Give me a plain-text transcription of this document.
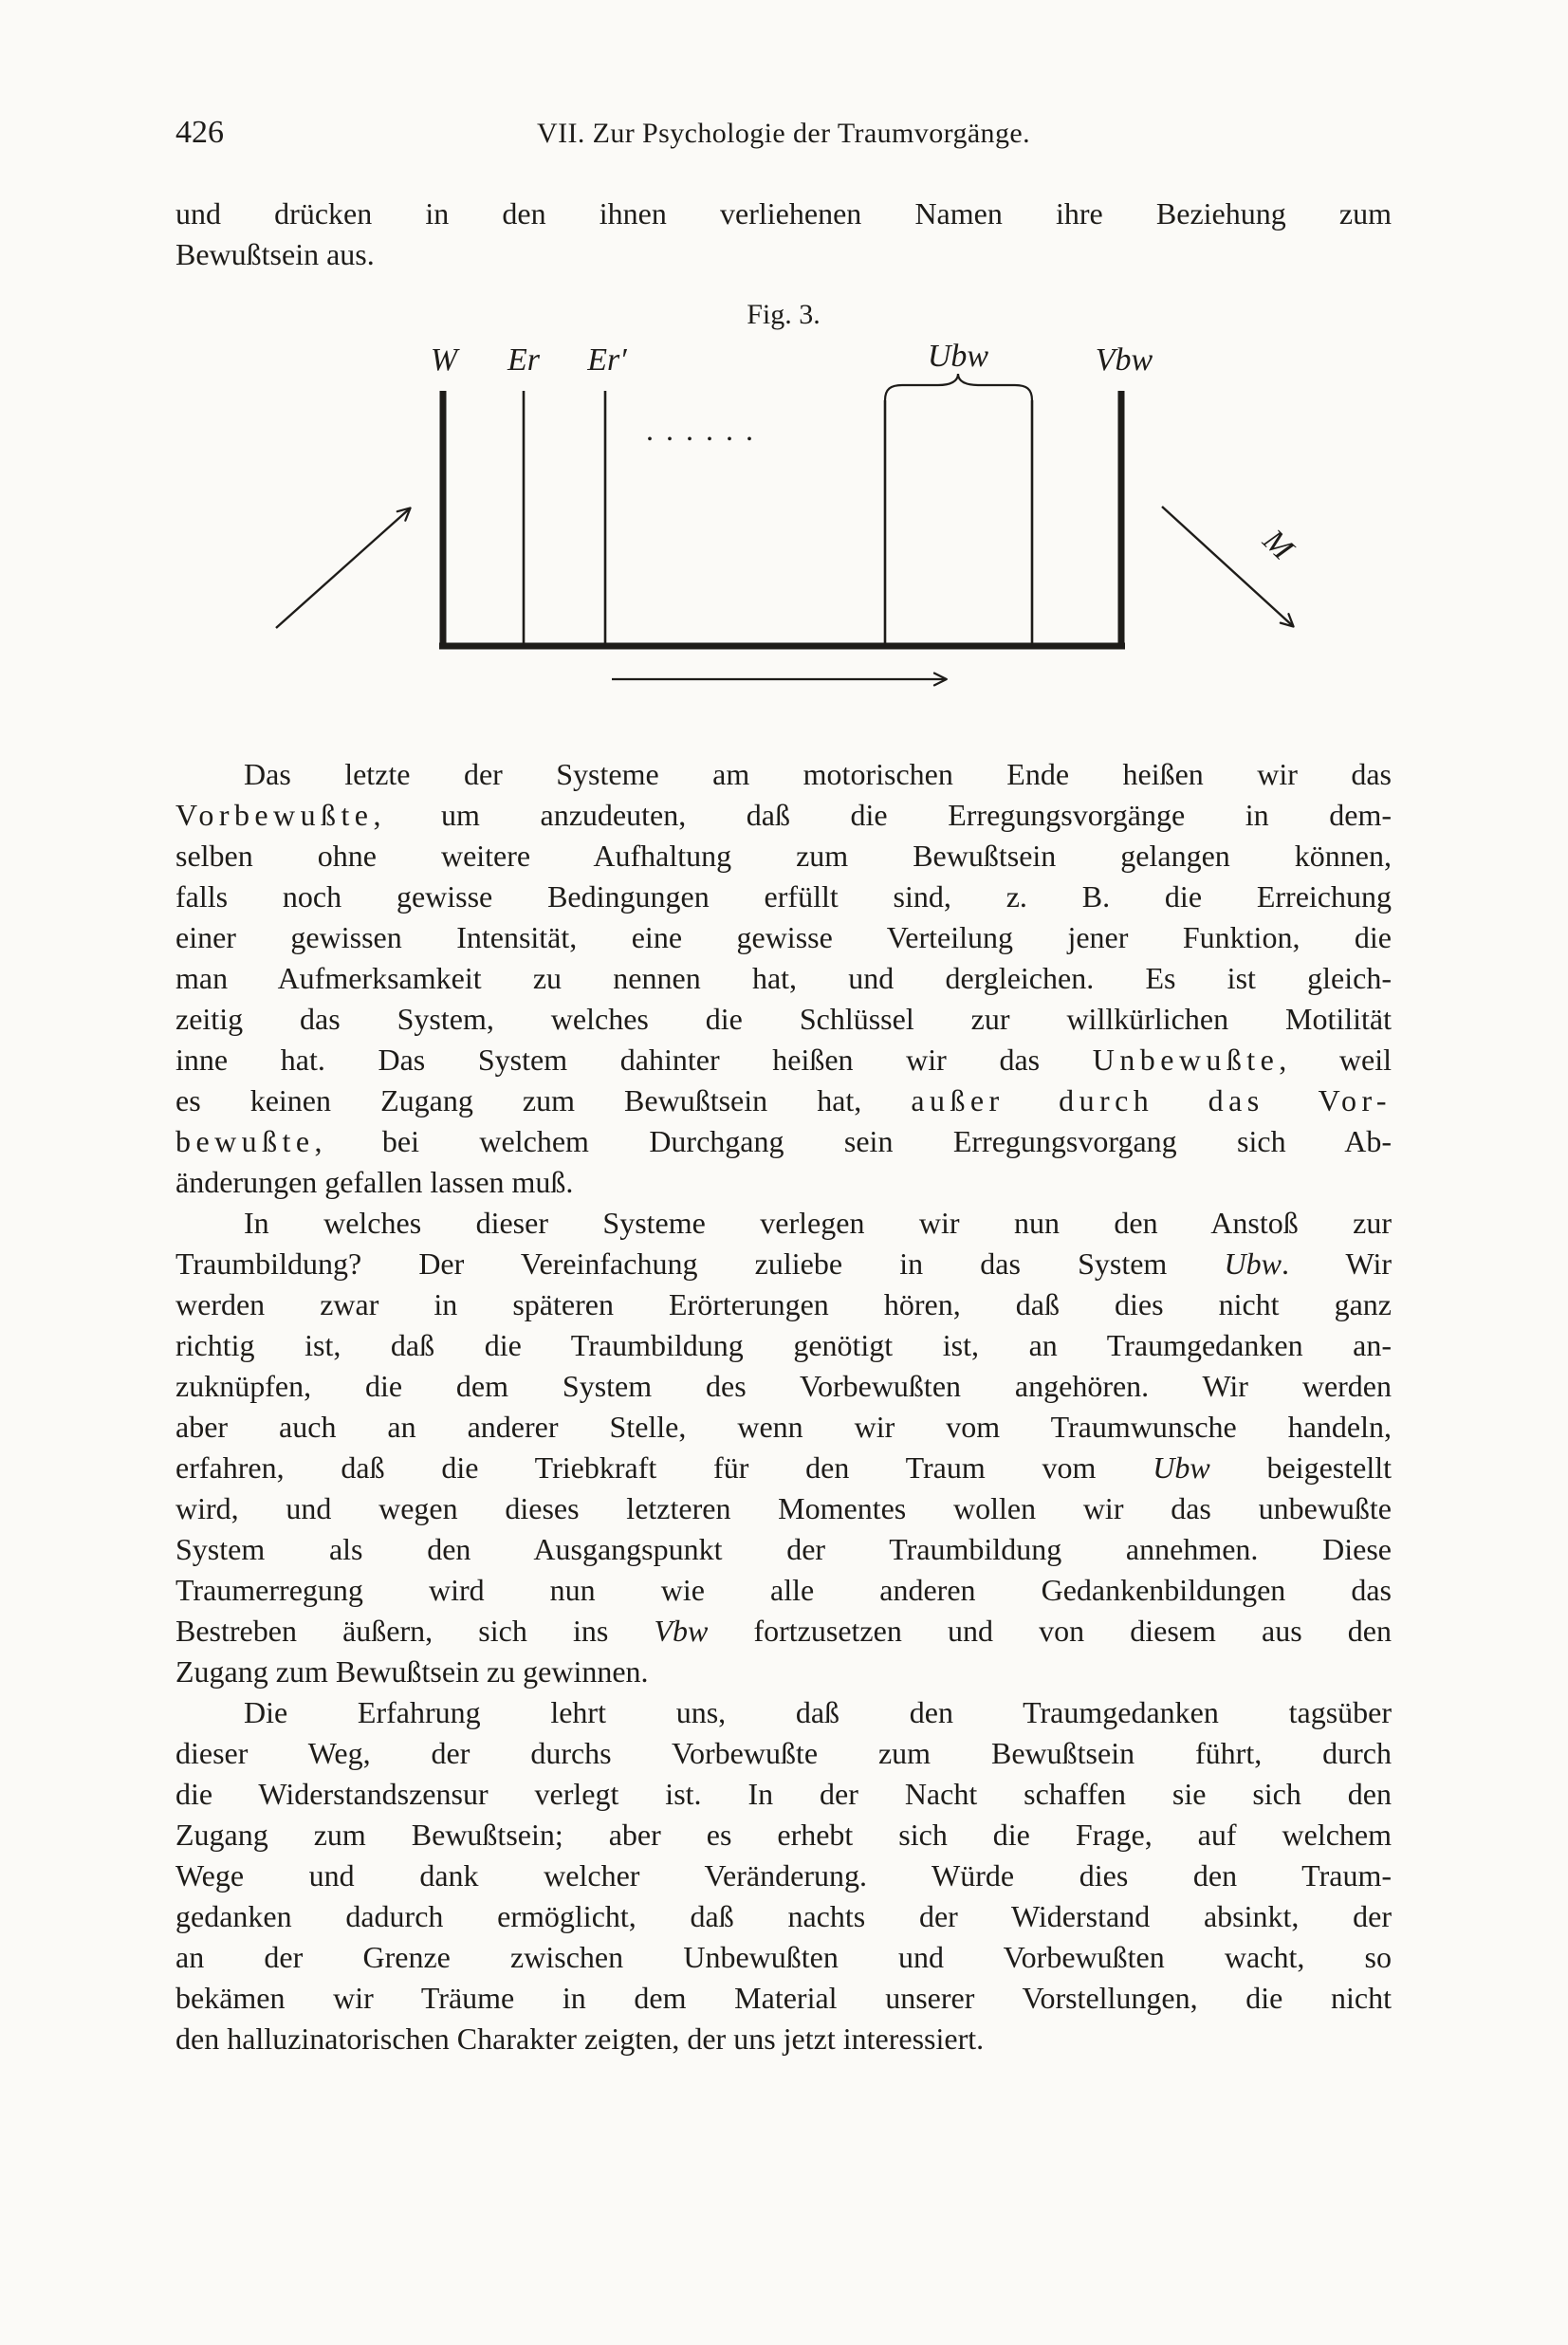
426	VII. Zur Psychologie der Traumvorgänge.
und drücken in den ihnen verliehenen Namen ihre Beziehung zum
Bewußtsein aus.
Fig. 3.
W Er Er′	Ubw	Vbw
......
M
Das letzte der Systeme am motorischen Ende heißen wir das
Vorbewußte, um anzudeuten, daß die Erregungsvorgänge in dem-
selben ohne weitere Aufhaltung zum Bewußtsein gelangen können,
falls noch gewisse Bedingungen erfüllt sind, z. B. die Erreichung
einer gewissen Intensität, eine gewisse Verteilung jener Funktion, die
man Aufmerksamkeit zu nennen hat, und dergleichen. Es ist gleich-
zeitig das System, welches die Schlüssel zur willkürlichen Motilität
inne hat. Das System dahinter heißen wir das Unbewußte, weil
es keinen Zugang zum Bewußtsein hat, außer durch das Vor-
bewußte, bei welchem Durchgang sein Erregungsvorgang sich Ab-
änderungen gefallen lassen muß.
In welches dieser Systeme verlegen wir nun den Anstoß zur
Traumbildung? Der Vereinfachung zuliebe in das System Ubw. Wir
werden zwar in späteren Erörterungen hören, daß dies nicht ganz
richtig ist, daß die Traumbildung genötigt ist, an Traumgedanken an-
zuknüpfen, die dem System des Vorbewußten angehören. Wir werden
aber auch an anderer Stelle, wenn wir vom Traumwunsche handeln,
erfahren, daß die Triebkraft für den Traum vom Ubw beigestellt
wird, und wegen dieses letzteren Momentes wollen wir das unbewußte
System als den Ausgangspunkt der Traumbildung annehmen. Diese
Traumerregung wird nun wie alle anderen Gedankenbildungen das
Bestreben äußern, sich ins Vbw fortzusetzen und von diesem aus den
Zugang zum Bewußtsein zu gewinnen.
Die Erfahrung lehrt uns, daß den Traumgedanken tagsüber
dieser Weg, der durchs Vorbewußte zum Bewußtsein führt, durch
die Widerstandszensur verlegt ist. In der Nacht schaffen sie sich den
Zugang zum Bewußtsein; aber es erhebt sich die Frage, auf welchem
Wege und dank welcher Veränderung. Würde dies den Traum-
gedanken dadurch ermöglicht, daß nachts der Widerstand absinkt, der
an der Grenze zwischen Unbewußten und Vorbewußten wacht, so
bekämen wir Träume in dem Material unserer Vorstellungen, die nicht
den halluzinatorischen Charakter zeigten, der uns jetzt interessiert.
